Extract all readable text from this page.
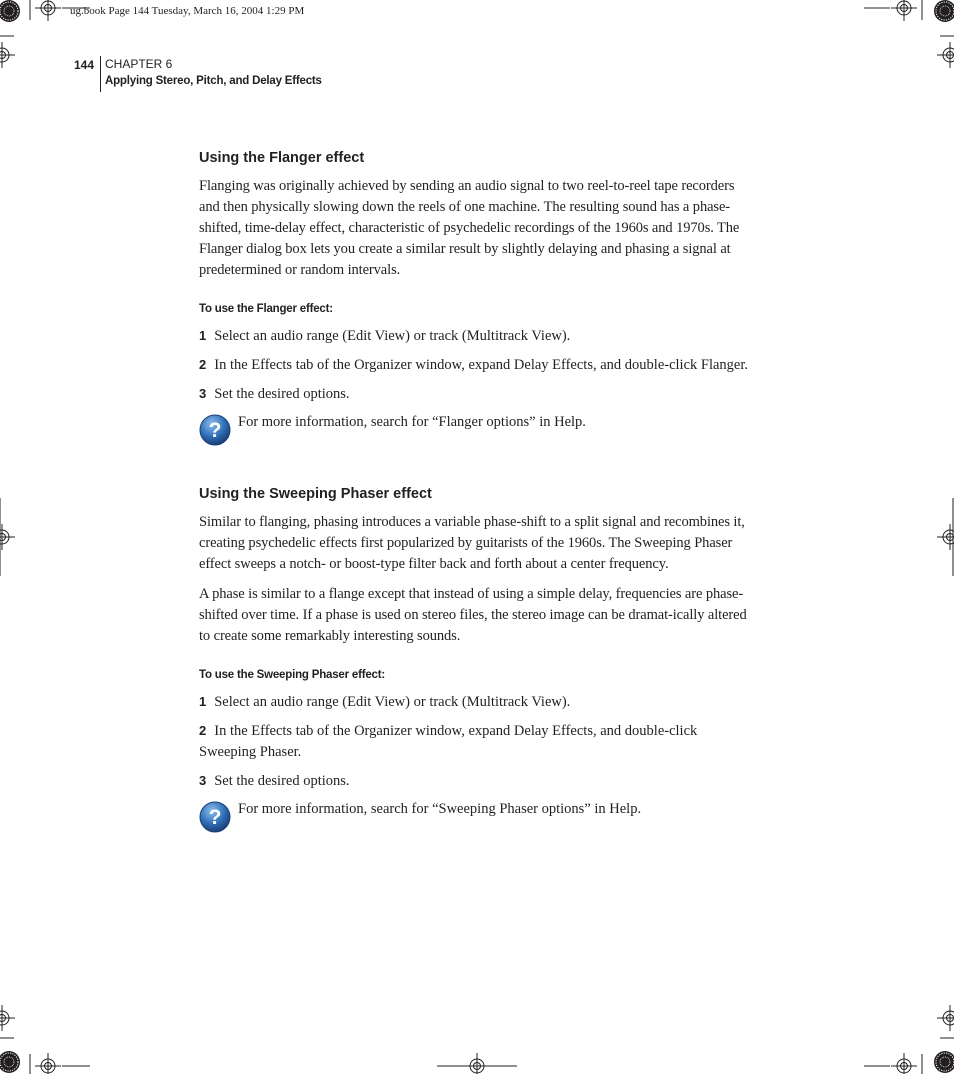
ug.book Page 144 Tuesday, March 16, 2004 1:29 PM
144 CHAPTER 6
Applying Stereo, Pitch, and Delay Effects
Using the Flanger effect

Flanging was originally achieved by sending an audio signal to two reel-to-reel tape recorders and then physically slowing down the reels of one machine. The resulting sound has a phase-shifted, time-delay effect, characteristic of psychedelic recordings of the 1960s and 1970s. The Flanger dialog box lets you create a similar result by slightly delaying and phasing a signal at predetermined or random intervals.

To use the Flanger effect:
1 Select an audio range (Edit View) or track (Multitrack View).
2 In the Effects tab of the Organizer window, expand Delay Effects, and double-click Flanger.
3 Set the desired options.
? For more information, search for “Flanger options” in Help.
Using the Sweeping Phaser effect

Similar to flanging, phasing introduces a variable phase-shift to a split signal and recombines it, creating psychedelic effects first popularized by guitarists of the 1960s. The Sweeping Phaser effect sweeps a notch- or boost-type filter back and forth about a center frequency.

A phase is similar to a flange except that instead of using a simple delay, frequencies are phase-shifted over time. If a phase is used on stereo files, the stereo image can be dramat-ically altered to create some remarkably interesting sounds.

To use the Sweeping Phaser effect:
1 Select an audio range (Edit View) or track (Multitrack View).
2 In the Effects tab of the Organizer window, expand Delay Effects, and double-click Sweeping Phaser.
3 Set the desired options.
? For more information, search for “Sweeping Phaser options” in Help.
